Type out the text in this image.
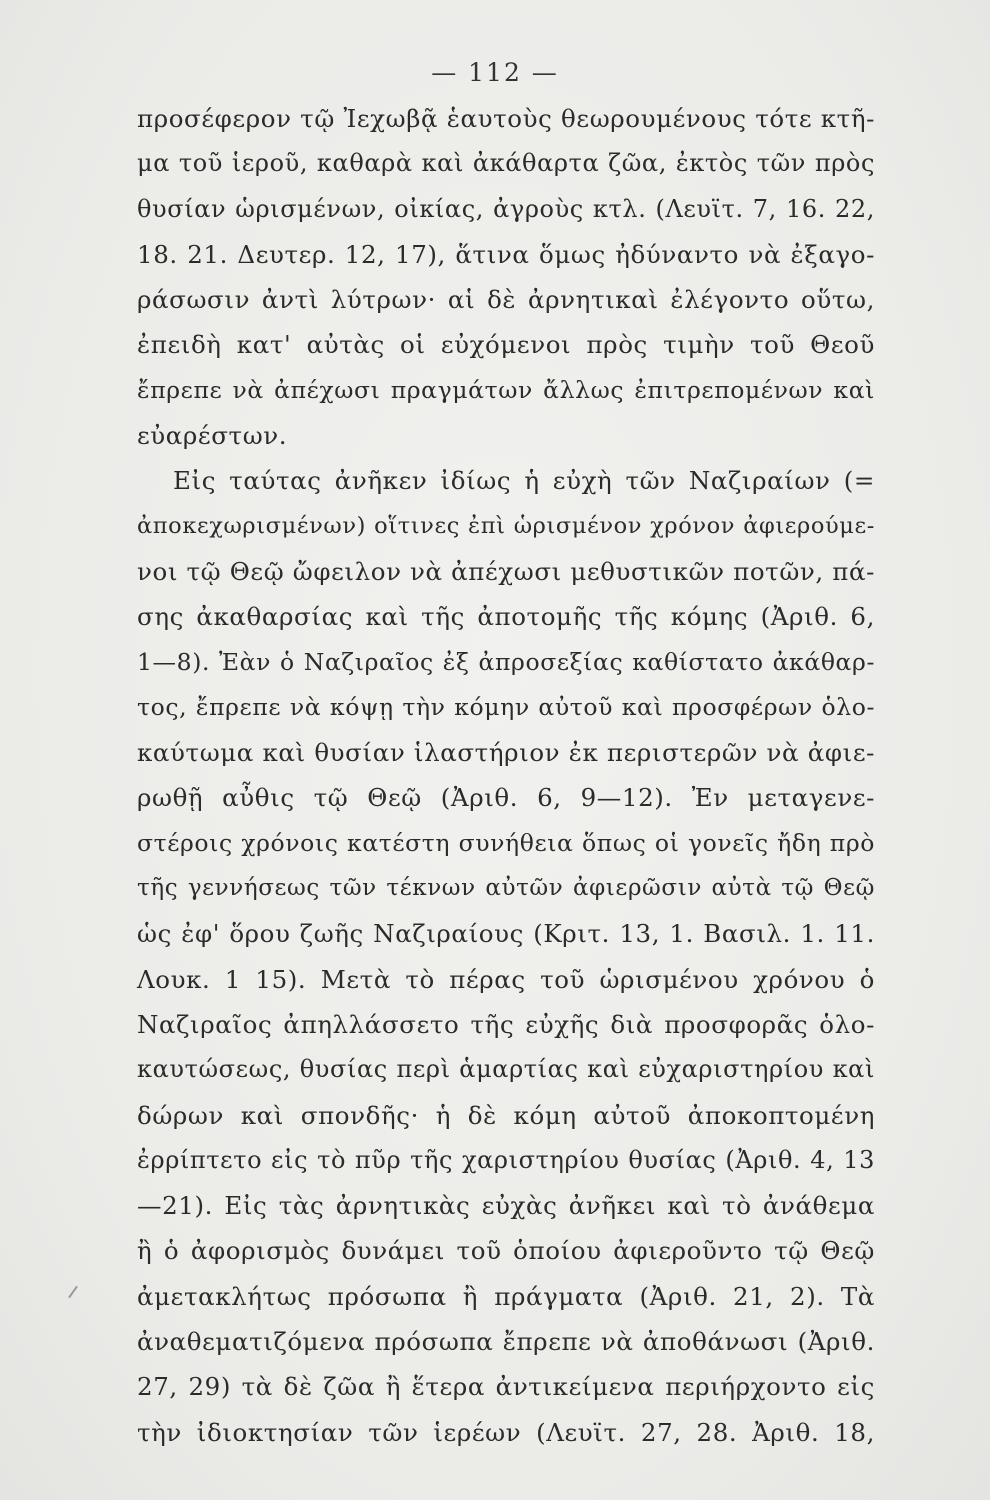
— 112 —
προσέφερον τῷ Ἰεχωβᾷ ἑαυτοὺς θεωρουμένους τότε κτῆ-
μα τοῦ ἱεροῦ, καθαρὰ καὶ ἀκάθαρτα ζῶα, ἐκτὸς τῶν πρὸς
θυσίαν ὡρισμένων, οἰκίας, ἀγροὺς κτλ. (Λευϊτ. 7, 16. 22,
18. 21. Δευτερ. 12, 17), ἅτινα ὅμως ἠδύναντο νὰ ἐξαγο-
ράσωσιν ἀντὶ λύτρων· αἱ δὲ ἀρνητικαὶ ἐλέγοντο οὕτω,
ἐπειδὴ κατ' αὐτὰς οἱ εὐχόμενοι πρὸς τιμὴν τοῦ Θεοῦ
ἔπρεπε νὰ ἀπέχωσι πραγμάτων ἄλλως ἐπιτρεπομένων καὶ
εὐαρέστων.
Εἰς ταύτας ἀνῆκεν ἰδίως ἡ εὐχὴ τῶν Ναζιραίων (=
ἀποκεχωρισμένων) οἵτινες ἐπὶ ὡρισμένον χρόνον ἀφιερούμε-
νοι τῷ Θεῷ ὤφειλον νὰ ἀπέχωσι μεθυστικῶν ποτῶν, πά-
σης ἀκαθαρσίας καὶ τῆς ἀποτομῆς τῆς κόμης (Ἀριθ. 6,
1—8). Ἐὰν ὁ Ναζιραῖος ἐξ ἀπροσεξίας καθίστατο ἀκάθαρ-
τος, ἔπρεπε νὰ κόψῃ τὴν κόμην αὐτοῦ καὶ προσφέρων ὁλο-
καύτωμα καὶ θυσίαν ἱλαστήριον ἐκ περιστερῶν νὰ ἀφιε-
ρωθῇ αὖθις τῷ Θεῷ (Ἀριθ. 6, 9—12). Ἐν μεταγενε-
στέροις χρόνοις κατέστη συνήθεια ὅπως οἱ γονεῖς ἤδη πρὸ
τῆς γεννήσεως τῶν τέκνων αὐτῶν ἀφιερῶσιν αὐτὰ τῷ Θεῷ
ὡς ἐφ' ὅρου ζωῆς Ναζιραίους (Κριτ. 13, 1. Βασιλ. 1. 11.
Λουκ. 1 15). Μετὰ τὸ πέρας τοῦ ὡρισμένου χρόνου ὁ
Ναζιραῖος ἀπηλλάσσετο τῆς εὐχῆς διὰ προσφορᾶς ὁλο-
καυτώσεως, θυσίας περὶ ἁμαρτίας καὶ εὐχαριστηρίου καὶ
δώρων καὶ σπονδῆς· ἡ δὲ κόμη αὐτοῦ ἀποκοπτομένη
ἐρρίπτετο εἰς τὸ πῦρ τῆς χαριστηρίου θυσίας (Ἀριθ. 4, 13
—21). Εἰς τὰς ἀρνητικὰς εὐχὰς ἀνῆκει καὶ τὸ ἀνάθεμα
ἢ ὁ ἀφορισμὸς δυνάμει τοῦ ὁποίου ἀφιεροῦντο τῷ Θεῷ
ἀμετακλήτως πρόσωπα ἢ πράγματα (Ἀριθ. 21, 2). Τὰ
ἀναθεματιζόμενα πρόσωπα ἔπρεπε νὰ ἀποθάνωσι (Ἀριθ.
27, 29) τὰ δὲ ζῶα ἢ ἕτερα ἀντικείμενα περιήρχοντο εἰς
τὴν ἰδιοκτησίαν τῶν ἱερέων (Λευϊτ. 27, 28. Ἀριθ. 18,
